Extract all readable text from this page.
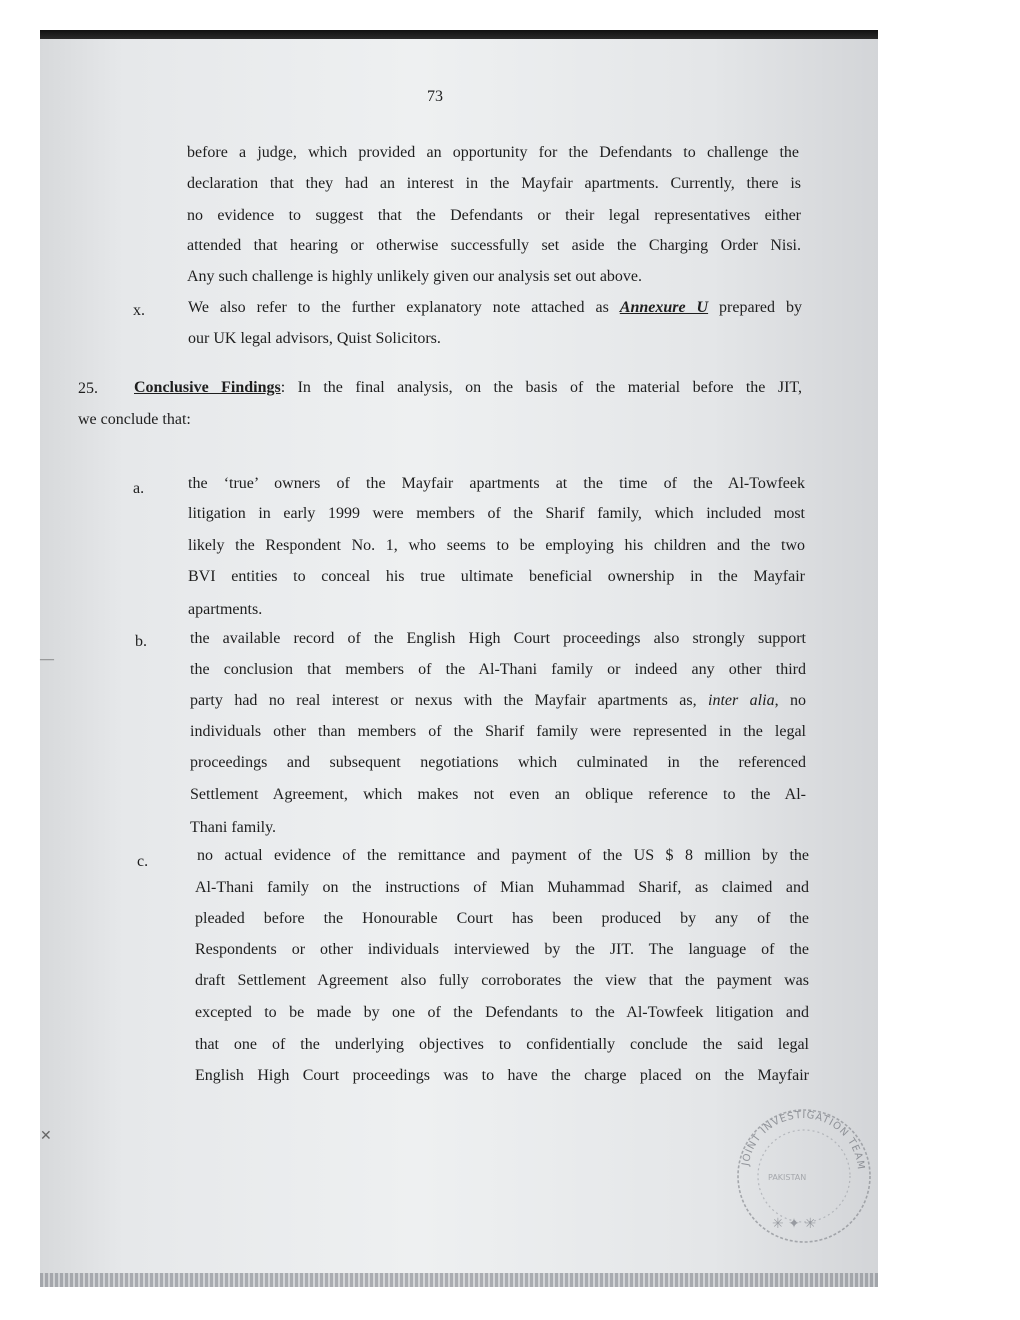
73
before a judge, which provided an opportunity for the Defendants to challenge the
declaration that they had an interest in the Mayfair apartments. Currently, there is
no evidence to suggest that the Defendants or their legal representatives either
attended that hearing or otherwise successfully set aside the Charging Order Nisi.
Any such challenge is highly unlikely given our analysis set out above.
x.	We also refer to the further explanatory note attached as Annexure U prepared by
our UK legal advisors, Quist Solicitors.
25. Conclusive Findings: In the final analysis, on the basis of the material before the JIT,
we conclude that:
a.	the ‘true’ owners of the Mayfair apartments at the time of the Al-Towfeek
litigation in early 1999 were members of the Sharif family, which included most
likely the Respondent No. 1, who seems to be employing his children and the two
BVI entities to conceal his true ultimate beneficial ownership in the Mayfair
apartments.
b.	the available record of the English High Court proceedings also strongly support
the conclusion that members of the Al-Thani family or indeed any other third
party had no real interest or nexus with the Mayfair apartments as, inter alia, no
individuals other than members of the Sharif family were represented in the legal
proceedings and subsequent negotiations which culminated in the referenced
Settlement Agreement, which makes not even an oblique reference to the Al-
Thani family.
c.	no actual evidence of the remittance and payment of the US $ 8 million by the
Al-Thani family on the instructions of Mian Muhammad Sharif, as claimed and
pleaded before the Honourable Court has been produced by any of the
Respondents or other individuals interviewed by the JIT. The language of the
draft Settlement Agreement also fully corroborates the view that the payment was
excepted to be made by one of the Defendants to the Al-Towfeek litigation and
that one of the underlying objectives to confidentially conclude the said legal
English High Court proceedings was to have the charge placed on the Mayfair
—
✕
JOINT INVESTIGATION TEAM
PAKISTAN
✳ ✦ ✳
